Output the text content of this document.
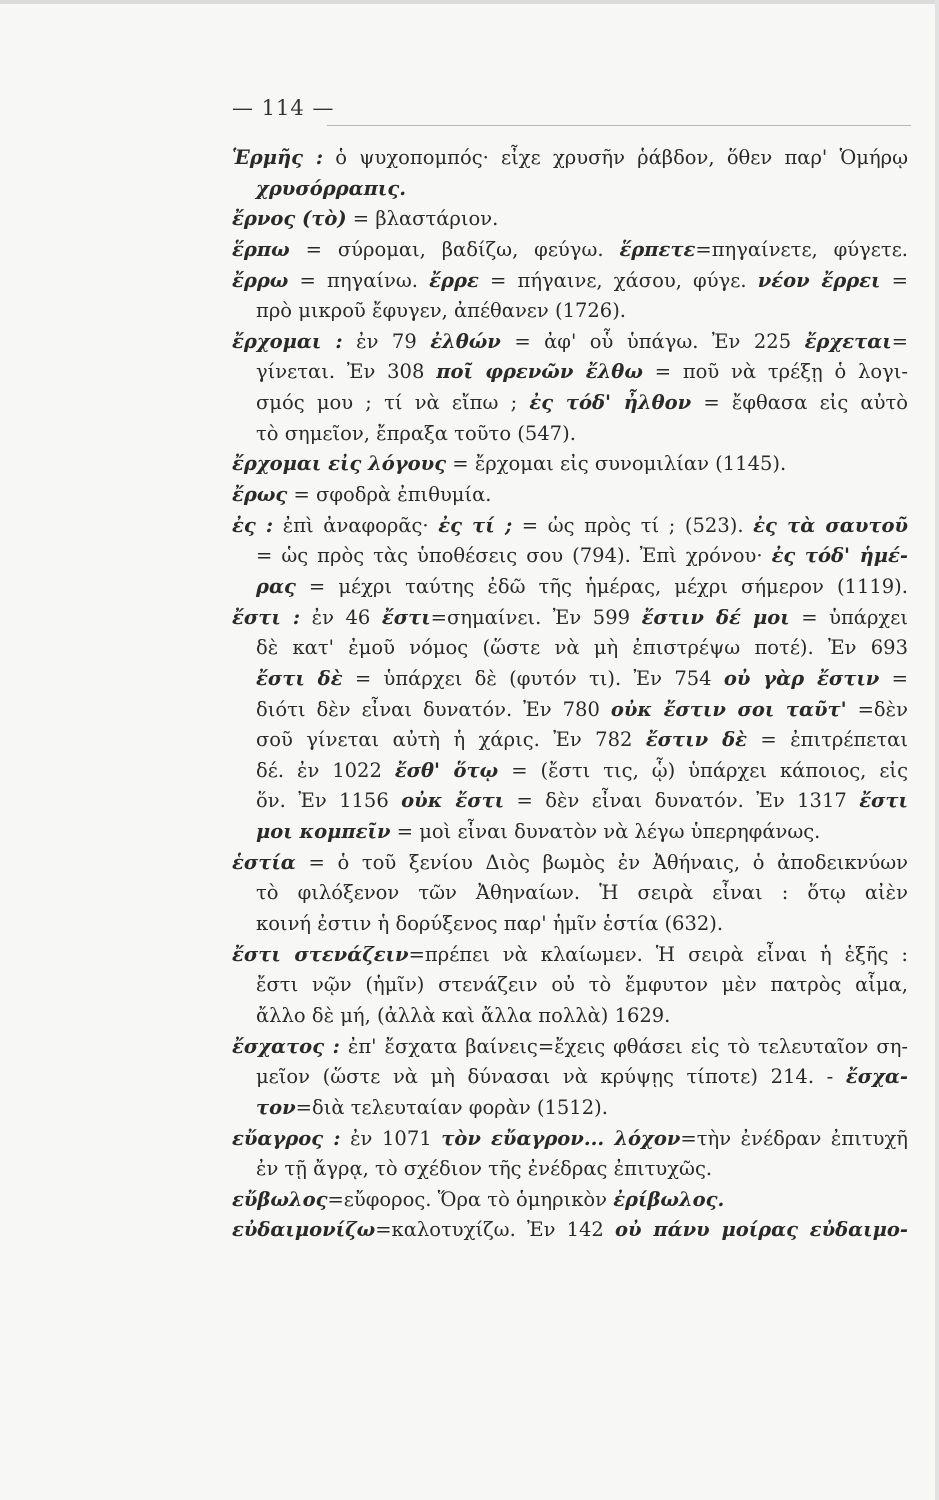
— 114 —
Ἑρμῆς : ὁ ψυχοπομπός· εἶχε χρυσῆν ῥάβδον, ὅθεν παρ' Ὁμήρῳ
χρυσόρραπις.
ἔρνος (τὸ) = βλαστάριον.
ἕρπω = σύρομαι, βαδίζω, φεύγω. ἕρπετε=πηγαίνετε, φύγετε.
ἔρρω = πηγαίνω. ἔρρε = πήγαινε, χάσου, φύγε. νέον ἔρρει =
πρὸ μικροῦ ἔφυγεν, ἀπέθανεν (1726).
ἔρχομαι : ἐν 79 ἐλθών = ἀφ' οὗ ὑπάγω. Ἐν 225 ἔρχεται=
γίνεται. Ἐν 308 ποῖ φρενῶν ἔλθω = ποῦ νὰ τρέξῃ ὁ λογι-
σμός μου ; τί νὰ εἴπω ; ἐς τόδ' ἦλθον = ἔφθασα εἰς αὐτὸ
τὸ σημεῖον, ἔπραξα τοῦτο (547).
ἔρχομαι εἰς λόγους = ἔρχομαι εἰς συνομιλίαν (1145).
ἔρως = σφοδρὰ ἐπιθυμία.
ἐς : ἐπὶ ἀναφορᾶς· ἐς τί ; = ὡς πρὸς τί ; (523). ἐς τὰ σαυτοῦ
= ὡς πρὸς τὰς ὑποθέσεις σου (794). Ἐπὶ χρόνου· ἐς τόδ' ἡμέ-
ρας = μέχρι ταύτης ἐδῶ τῆς ἡμέρας, μέχρι σήμερον (1119).
ἔστι : ἐν 46 ἔστι=σημαίνει. Ἐν 599 ἔστιν δέ μοι = ὑπάρχει
δὲ κατ' ἐμοῦ νόμος (ὥστε νὰ μὴ ἐπιστρέψω ποτέ). Ἐν 693
ἔστι δὲ = ὑπάρχει δὲ (φυτόν τι). Ἐν 754 οὐ γὰρ ἔστιν =
διότι δὲν εἶναι δυνατόν. Ἐν 780 οὐκ ἔστιν σοι ταῦτ' =δὲν
σοῦ γίνεται αὐτὴ ἡ χάρις. Ἐν 782 ἔστιν δὲ = ἐπιτρέπεται
δέ. ἐν 1022 ἔσθ' ὅτῳ = (ἔστι τις, ᾧ) ὑπάρχει κάποιος, εἰς
ὅν. Ἐν 1156 οὐκ ἔστι = δὲν εἶναι δυνατόν. Ἐν 1317 ἔστι
μοι κομπεῖν = μοὶ εἶναι δυνατὸν νὰ λέγω ὑπερηφάνως.
ἑστία = ὁ τοῦ ξενίου Διὸς βωμὸς ἐν Ἀθήναις, ὁ ἀποδεικνύων
τὸ φιλόξενον τῶν Ἀθηναίων. Ἡ σειρὰ εἶναι : ὅτῳ αἰὲν
κοινή ἐστιν ἡ δορύξενος παρ' ἡμῖν ἑστία (632).
ἔστι στενάζειν=πρέπει νὰ κλαίωμεν. Ἡ σειρὰ εἶναι ἡ ἑξῆς :
ἔστι νῷν (ἡμῖν) στενάζειν οὐ τὸ ἔμφυτον μὲν πατρὸς αἷμα,
ἄλλο δὲ μή, (ἀλλὰ καὶ ἄλλα πολλὰ) 1629.
ἔσχατος : ἐπ' ἔσχατα βαίνεις=ἔχεις φθάσει εἰς τὸ τελευταῖον ση-
μεῖον (ὥστε νὰ μὴ δύνασαι νὰ κρύψῃς τίποτε) 214. - ἔσχα-
τον=διὰ τελευταίαν φορὰν (1512).
εὔαγρος : ἐν 1071 τὸν εὔαγρον... λόχον=τὴν ἐνέδραν ἐπιτυχῆ
ἐν τῇ ἄγρᾳ, τὸ σχέδιον τῆς ἐνέδρας ἐπιτυχῶς.
εὔβωλος=εὔφορος. Ὅρα τὸ ὁμηρικὸν ἐρίβωλος.
εὐδαιμονίζω=καλοτυχίζω. Ἐν 142 οὐ πάνυ μοίρας εὐδαιμο-
